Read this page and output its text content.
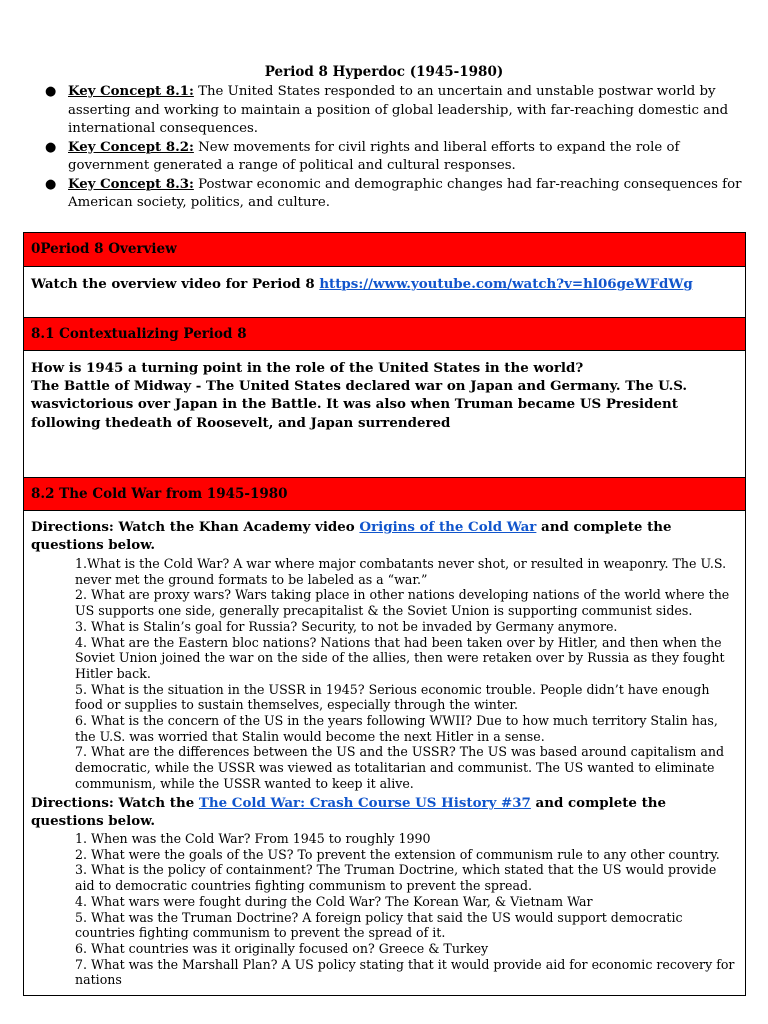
Period 8 Hyperdoc (1945-1980)
● Key Concept 8.1: The United States responded to an uncertain and unstable postwar world by asserting and working to maintain a position of global leadership, with far-reaching domestic and international consequences.
● Key Concept 8.2: New movements for civil rights and liberal efforts to expand the role of government generated a range of political and cultural responses.
● Key Concept 8.3: Postwar economic and demographic changes had far-reaching consequences for American society, politics, and culture.
0Period 8 Overview
Watch the overview video for Period 8 https://www.youtube.com/watch?v=hl06geWFdWg
8.1 Contextualizing Period 8
How is 1945 a turning point in the role of the United States in the world?
The Battle of Midway - The United States declared war on Japan and Germany. The U.S. wasvictorious over Japan in the Battle. It was also when Truman became US President following thedeath of Roosevelt, and Japan surrendered
8.2 The Cold War from 1945-1980
Directions: Watch the Khan Academy video Origins of the Cold War and complete the questions below.
1.What is the Cold War? A war where major combatants never shot, or resulted in weaponry. The U.S. never met the ground formats to be labeled as a “war.”
2. What are proxy wars? Wars taking place in other nations developing nations of the world where the US supports one side, generally precapitalist & the Soviet Union is supporting communist sides.
3. What is Stalin’s goal for Russia? Security, to not be invaded by Germany anymore.
4. What are the Eastern bloc nations? Nations that had been taken over by Hitler, and then when the Soviet Union joined the war on the side of the allies, then were retaken over by Russia as they fought Hitler back.
5. What is the situation in the USSR in 1945? Serious economic trouble. People didn’t have enough food or supplies to sustain themselves, especially through the winter.
6. What is the concern of the US in the years following WWII? Due to how much territory Stalin has, the U.S. was worried that Stalin would become the next Hitler in a sense.
7. What are the differences between the US and the USSR? The US was based around capitalism and democratic, while the USSR was viewed as totalitarian and communist. The US wanted to eliminate communism, while the USSR wanted to keep it alive.
Directions: Watch the The Cold War: Crash Course US History #37 and complete the questions below.
1. When was the Cold War? From 1945 to roughly 1990
2. What were the goals of the US? To prevent the extension of communism rule to any other country.
3. What is the policy of containment? The Truman Doctrine, which stated that the US would provide aid to democratic countries fighting communism to prevent the spread.
4. What wars were fought during the Cold War? The Korean War, & Vietnam War
5. What was the Truman Doctrine? A foreign policy that said the US would support democratic countries fighting communism to prevent the spread of it.
6. What countries was it originally focused on? Greece & Turkey
7. What was the Marshall Plan? A US policy stating that it would provide aid for economic recovery for nations
